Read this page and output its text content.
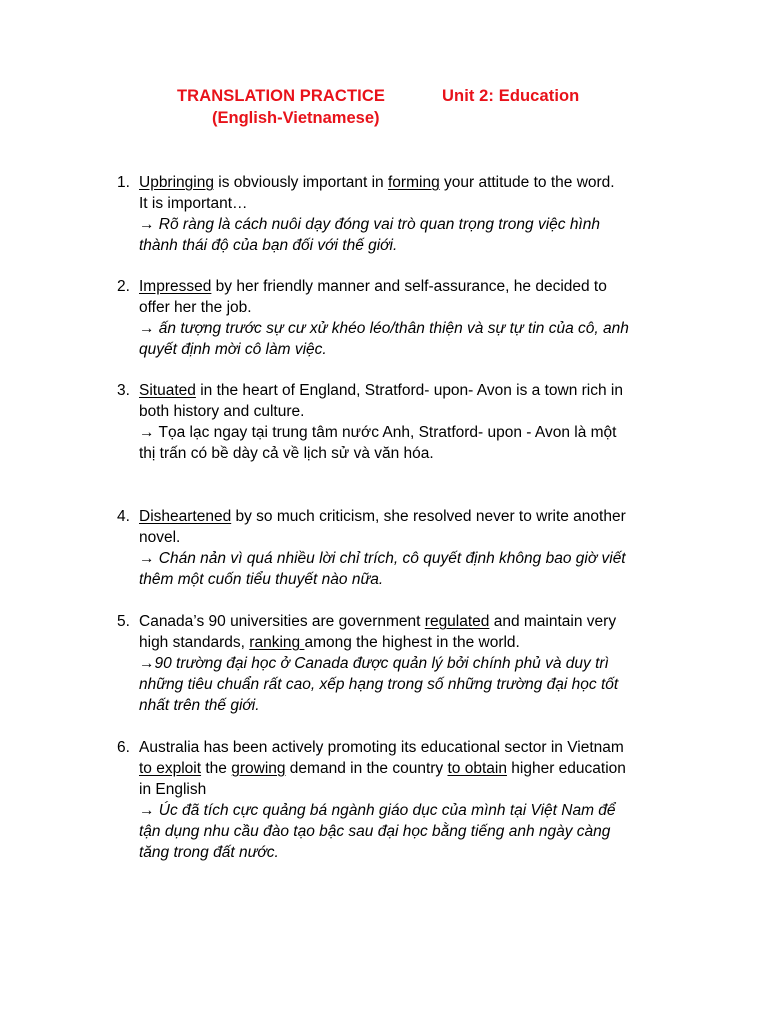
TRANSLATION PRACTICE	Unit 2: Education
(English-Vietnamese)
1. Upbringing is obviously important in forming your attitude to the word.
It is important…
→ Rõ ràng là cách nuôi dạy đóng vai trò quan trọng trong việc hình
thành thái độ của bạn đối với thế giới.
2. Impressed by her friendly manner and self-assurance, he decided to
offer her the job.
→ ấn tượng trước sự cư xử khéo léo/thân thiện và sự tự tin của cô, anh
quyết định mời cô làm việc.
3. Situated in the heart of England, Stratford- upon- Avon is a town rich in
both history and culture.
→ Tọa lạc ngay tại trung tâm nước Anh, Stratford- upon - Avon là một
thị trấn có bề dày cả về lịch sử và văn hóa.
4. Disheartened by so much criticism, she resolved never to write another
novel.
→ Chán nản vì quá nhiều lời chỉ trích, cô quyết định không bao giờ viết
thêm một cuốn tiểu thuyết nào nữa.
5. Canada’s 90 universities are government regulated and maintain very
high standards, ranking among the highest in the world.
→90 trường đại học ở Canada được quản lý bởi chính phủ và duy trì
những tiêu chuẩn rất cao, xếp hạng trong số những trường đại học tốt
nhất trên thế giới.
6. Australia has been actively promoting its educational sector in Vietnam
to exploit the growing demand in the country to obtain higher education
in English
→ Úc đã tích cực quảng bá ngành giáo dục của mình tại Việt Nam để
tận dụng nhu cầu đào tạo bậc sau đại học bằng tiếng anh ngày càng
tăng trong đất nước.
